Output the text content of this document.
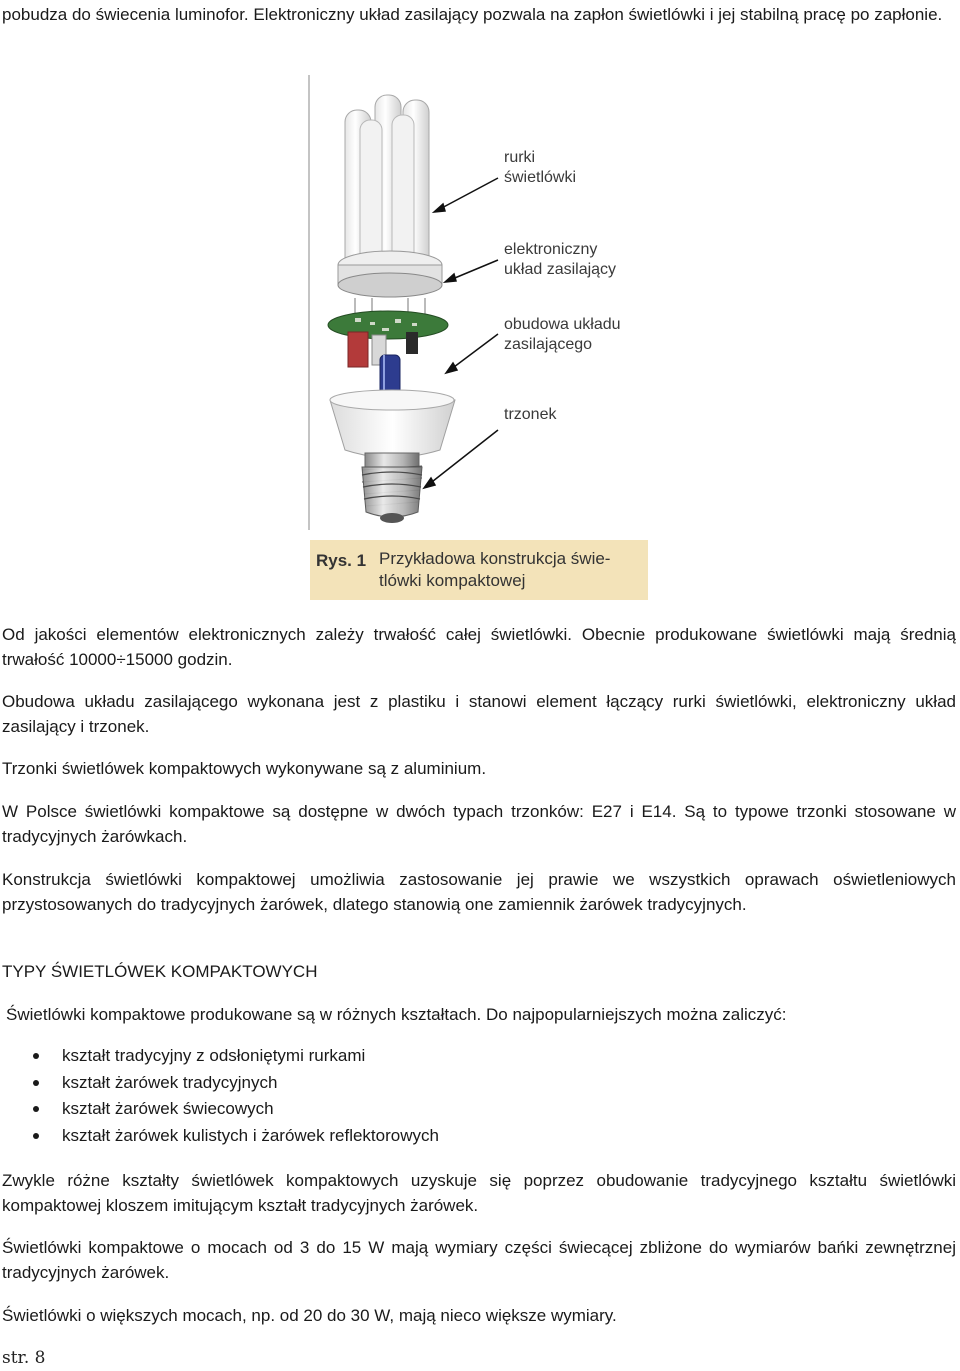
pobudza do świecenia luminofor. Elektroniczny układ zasilający pozwala na zapłon świetlówki i jej stabilną pracę po zapłonie.

rurki
świetlówki
elektroniczny
układ zasilający
obudowa układu
zasilającego
trzonek
Rys. 1 Przykładowa konstrukcja świe-
tlówki kompaktowej

Od jakości elementów elektronicznych zależy trwałość całej świetlówki. Obecnie produkowane świetlówki mają średnią trwałość 10000÷15000 godzin.

Obudowa układu zasilającego wykonana jest z plastiku i stanowi element łączący rurki świetlówki, elektroniczny układ zasilający i trzonek.

Trzonki świetlówek kompaktowych wykonywane są z aluminium.

W Polsce świetlówki kompaktowe są dostępne w dwóch typach trzonków: E27 i E14. Są to typowe trzonki stosowane w tradycyjnych żarówkach.

Konstrukcja świetlówki kompaktowej umożliwia zastosowanie jej prawie we wszystkich oprawach oświetleniowych przystosowanych do tradycyjnych żarówek, dlatego stanowią one zamiennik żarówek tradycyjnych.

TYPY ŚWIETLÓWEK KOMPAKTOWYCH

Świetlówki kompaktowe produkowane są w różnych kształtach. Do najpopularniejszych można zaliczyć:

kształt tradycyjny z odsłoniętymi rurkami
kształt żarówek tradycyjnych
kształt żarówek świecowych
kształt żarówek kulistych i żarówek reflektorowych

Zwykle różne kształty świetlówek kompaktowych uzyskuje się poprzez obudowanie tradycyjnego kształtu świetlówki kompaktowej kloszem imitującym kształt tradycyjnych żarówek.

Świetlówki kompaktowe o mocach od 3 do 15 W mają wymiary części świecącej zbliżone do wymiarów bańki zewnętrznej tradycyjnych żarówek.

Świetlówki o większych mocach, np. od 20 do 30 W, mają nieco większe wymiary.

str. 8
